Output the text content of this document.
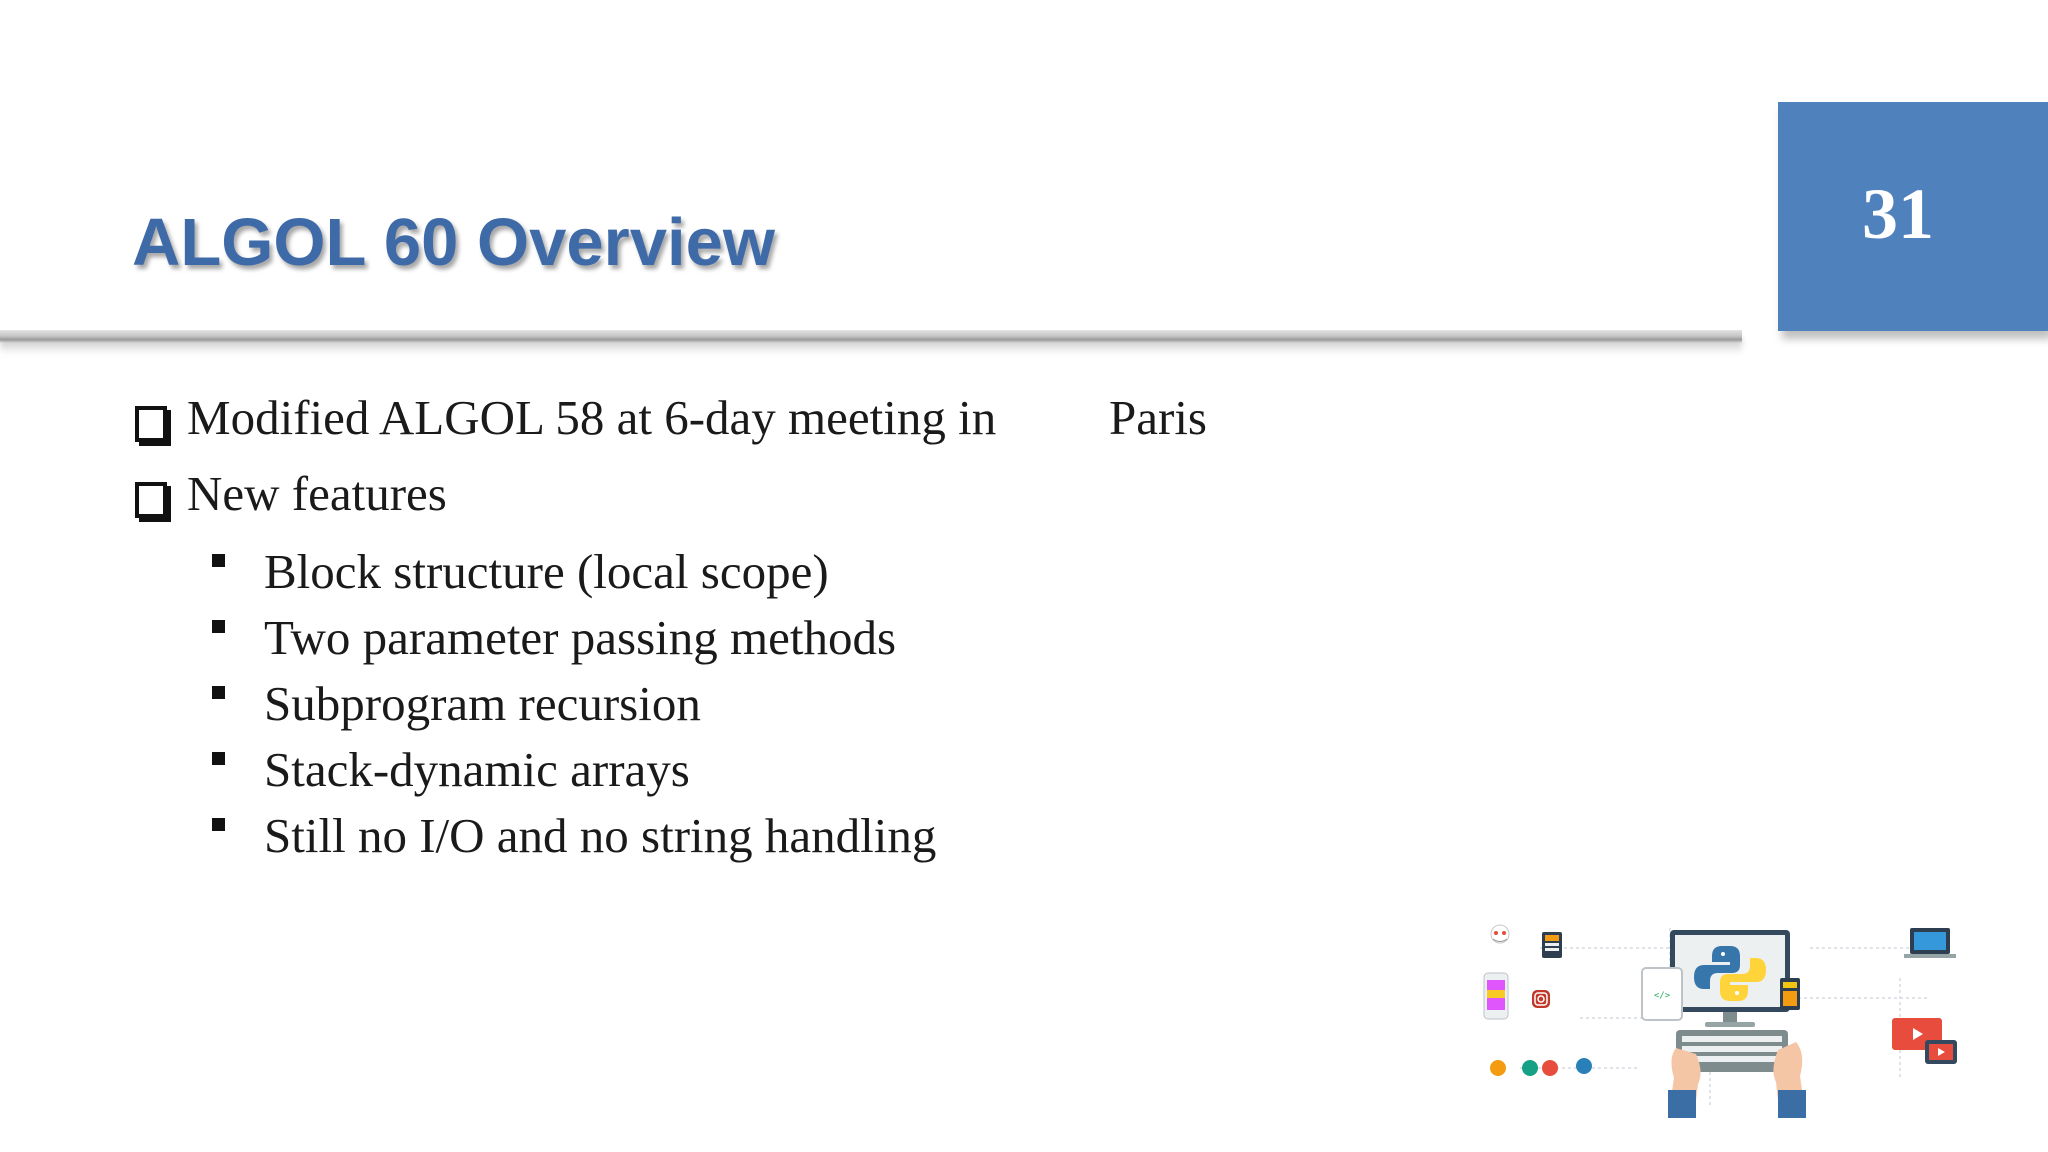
ALGOL 60 Overview	31
Modified ALGOL 58 at 6-day meeting in Paris
New features
Block structure (local scope)
Two parameter passing methods
Subprogram recursion
Stack-dynamic arrays
Still no I/O and no string handling
</>
